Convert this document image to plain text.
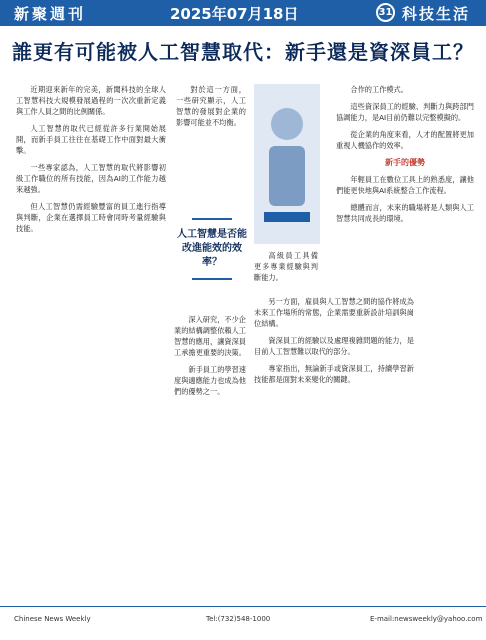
新聚週刊	2025年07月18日	31 科技生活
誰更有可能被人工智慧取代：新手還是資深員工？

近期迎來新年的完美，新聞科技的全球人工智慧科技大規模發展過程的一次次重新定義與工作人員之間的比例關係。

人工智慧的取代已經從許多行業開始展開，而新手員工往往在基礎工作中面對最大衝擊。

一些專家認為，人工智慧的取代將影響初級工作職位的所有技能，因為AI的工作能力越來越強。

但人工智慧仍需經驗豐富的員工進行指導與判斷，企業在選擇員工時會同時考量經驗與技能。

對於這一方面，一些研究顯示，人工智慧的發展對企業的影響可能並不均衡。

人工智慧是否能改進能效的效率？

深入研究，不少企業的結構調整依賴人工智慧的應用，讓資深員工承擔更重要的決策。

新手員工的學習速度與適應能力也成為他們的優勢之一。

高級員工具備更多專業經驗與判斷能力。

另一方面，雇員與人工智慧之間的協作將成為未來工作場所的常態，企業需要重新設計培訓與崗位結構。

資深員工的經驗以及處理複雜問題的能力，是目前人工智慧難以取代的部分。

專家指出，無論新手或資深員工，持續學習新技能都是面對未來變化的關鍵。

合作的工作模式。

這些資深員工的經驗、判斷力與跨部門協調能力，是AI目前仍難以完整模擬的。

從企業的角度來看，人才的配置將更加重視人機協作的效率。

新手的優勢

年輕員工在數位工具上的熟悉度，讓他們能更快地與AI系統整合工作流程。

總體而言，未來的職場將是人類與人工智慧共同成長的環境。

Chinese News Weekly	Tel:(732)548-1000	E-mail:newsweekly@yahoo.com
